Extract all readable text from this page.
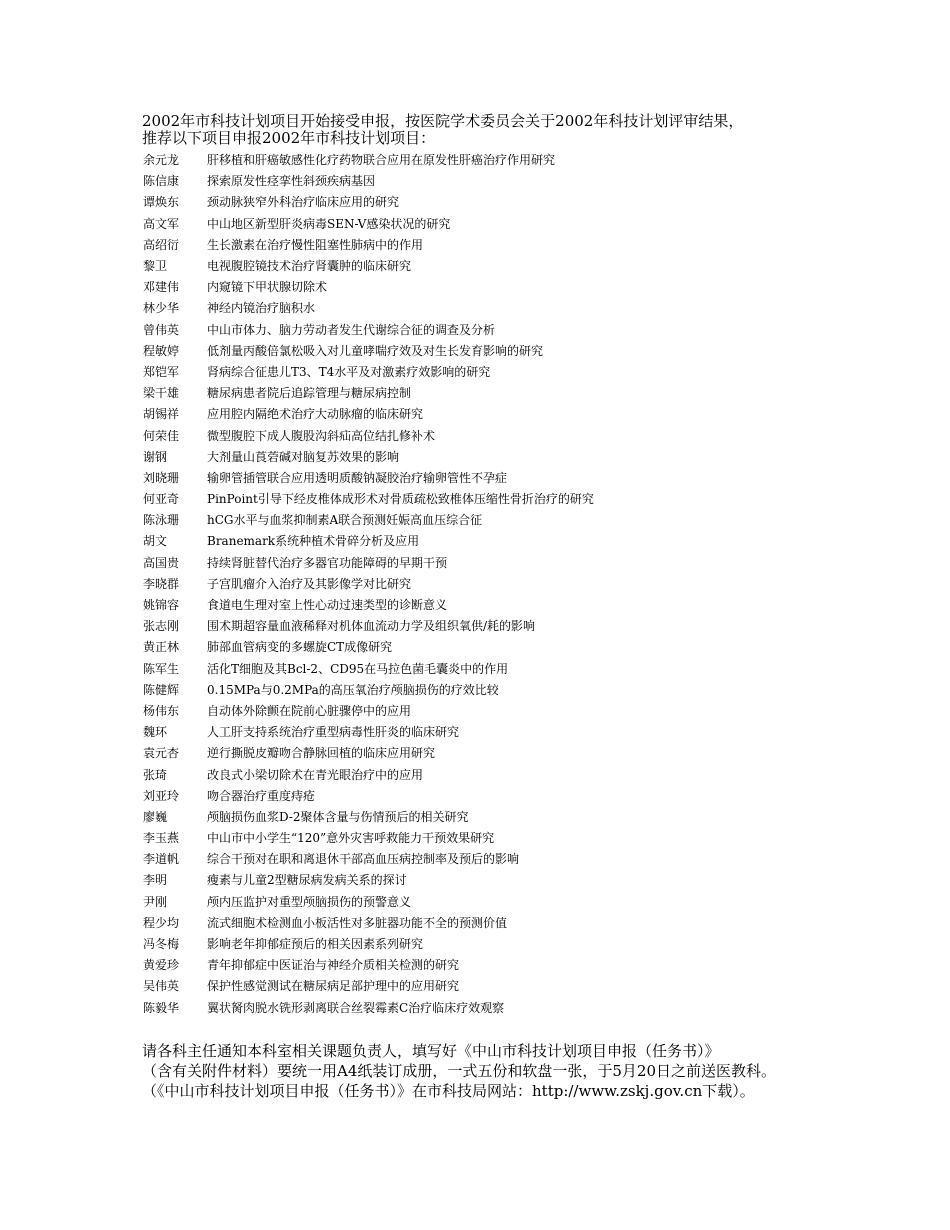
2002年市科技计划项目开始接受申报，按医院学术委员会关于2002年科技计划评审结果，
推荐以下项目申报2002年市科技计划项目：
余元龙	肝移植和肝癌敏感性化疗药物联合应用在原发性肝癌治疗作用研究
陈信康	探索原发性痉挛性斜颈疾病基因
谭焕东	颈动脉狭窄外科治疗临床应用的研究
高文军	中山地区新型肝炎病毒SEN-V感染状况的研究
高绍衍	生长激素在治疗慢性阻塞性肺病中的作用
黎卫	电视腹腔镜技术治疗肾囊肿的临床研究
邓建伟	内窥镜下甲状腺切除术
林少华	神经内镜治疗脑积水
曾伟英	中山市体力、脑力劳动者发生代谢综合征的调查及分析
程敏婷	低剂量丙酸倍氯松吸入对儿童哮喘疗效及对生长发育影响的研究
郑铠军	肾病综合征患儿T3、T4水平及对激素疗效影响的研究
梁干雄	糖尿病患者院后追踪管理与糖尿病控制
胡锡祥	应用腔内隔绝术治疗大动脉瘤的临床研究
何荣佳	微型腹腔下成人腹股沟斜疝高位结扎修补术
谢钢	大剂量山莨菪碱对脑复苏效果的影响
刘晓珊	输卵管插管联合应用透明质酸钠凝胶治疗输卵管性不孕症
何亚奇	PinPoint引导下经皮椎体成形术对骨质疏松致椎体压缩性骨折治疗的研究
陈泳珊	hCG水平与血浆抑制素A联合预测妊娠高血压综合征
胡文	Branemark系统种植术骨碎分析及应用
高国贵	持续肾脏替代治疗多器官功能障碍的早期干预
李晓群	子宫肌瘤介入治疗及其影像学对比研究
姚锦容	食道电生理对室上性心动过速类型的诊断意义
张志刚	围术期超容量血液稀释对机体血流动力学及组织氧供/耗的影响
黄正林	肺部血管病变的多螺旋CT成像研究
陈军生	活化T细胞及其Bcl-2、CD95在马拉色菌毛囊炎中的作用
陈健辉	0.15MPa与0.2MPa的高压氧治疗颅脑损伤的疗效比较
杨伟东	自动体外除颤在院前心脏骤停中的应用
魏环	人工肝支持系统治疗重型病毒性肝炎的临床研究
袁元杏	逆行撕脱皮瓣吻合静脉回植的临床应用研究
张琦	改良式小梁切除术在青光眼治疗中的应用
刘亚玲	吻合器治疗重度痔疮
廖巍	颅脑损伤血浆D-2聚体含量与伤情预后的相关研究
李玉燕	中山市中小学生“120”意外灾害呼救能力干预效果研究
李道帆	综合干预对在职和离退休干部高血压病控制率及预后的影响
李明	瘦素与儿童2型糖尿病发病关系的探讨
尹刚	颅内压监护对重型颅脑损伤的预警意义
程少均	流式细胞术检测血小板活性对多脏器功能不全的预测价值
冯冬梅	影响老年抑郁症预后的相关因素系列研究
黄爱珍	青年抑郁症中医证治与神经介质相关检测的研究
吴伟英	保护性感觉测试在糖尿病足部护理中的应用研究
陈毅华	翼状胬肉脱水铣形剥离联合丝裂霉素C治疗临床疗效观察
请各科主任通知本科室相关课题负责人，填写好《中山市科技计划项目申报（任务书）》
（含有关附件材料）要统一用A4纸装订成册，一式五份和软盘一张，于5月20日之前送医教科。
（《中山市科技计划项目申报（任务书）》在市科技局网站：http://www.zskj.gov.cn下载）。
